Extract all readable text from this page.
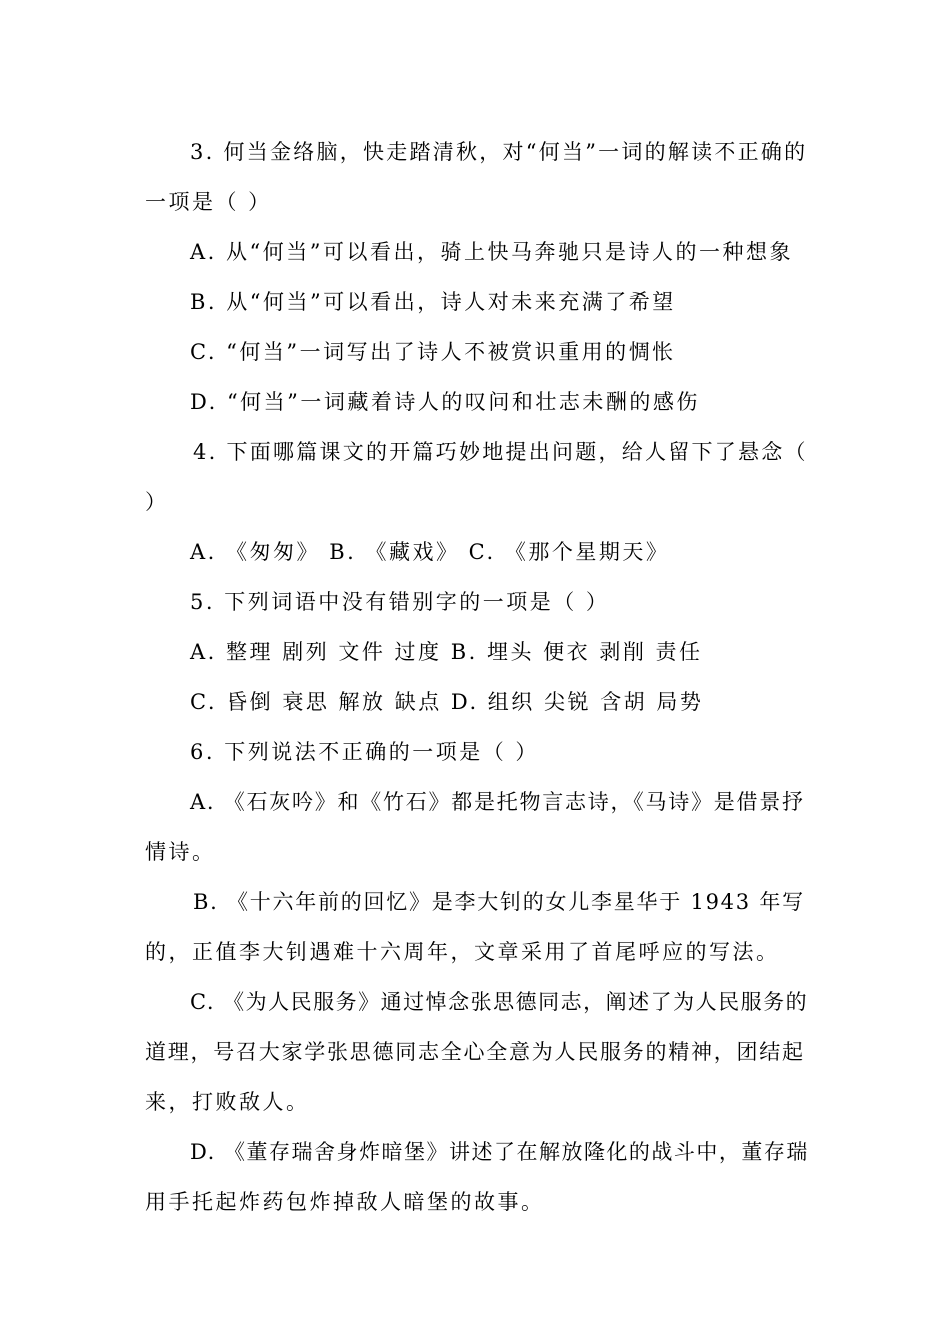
3. 何当金络脑，快走踏清秋，对“何当”一词的解读不正确的

一项是（ ）

A. 从“何当”可以看出，骑上快马奔驰只是诗人的一种想象

B. 从“何当”可以看出，诗人对未来充满了希望

C. “何当”一词写出了诗人不被赏识重用的惆怅

D. “何当”一词藏着诗人的叹问和壮志未酬的感伤

4. 下面哪篇课文的开篇巧妙地提出问题，给人留下了悬念（

）

A. 《匆匆》 B. 《藏戏》 C. 《那个星期天》

5. 下列词语中没有错别字的一项是（ ）

A. 整理 剧列 文件 过度 B. 埋头 便衣 剥削 责任

C. 昏倒 衰思 解放 缺点 D. 组织 尖锐 含胡 局势

6. 下列说法不正确的一项是（ ）

A. 《石灰吟》和《竹石》都是托物言志诗，《马诗》是借景抒

情诗。

B. 《十六年前的回忆》是李大钊的女儿李星华于 1943 年写

的，正值李大钊遇难十六周年，文章采用了首尾呼应的写法。

C. 《为人民服务》通过悼念张思德同志，阐述了为人民服务的

道理，号召大家学张思德同志全心全意为人民服务的精神，团结起

来，打败敌人。

D. 《董存瑞舍身炸暗堡》讲述了在解放隆化的战斗中，董存瑞

用手托起炸药包炸掉敌人暗堡的故事。
